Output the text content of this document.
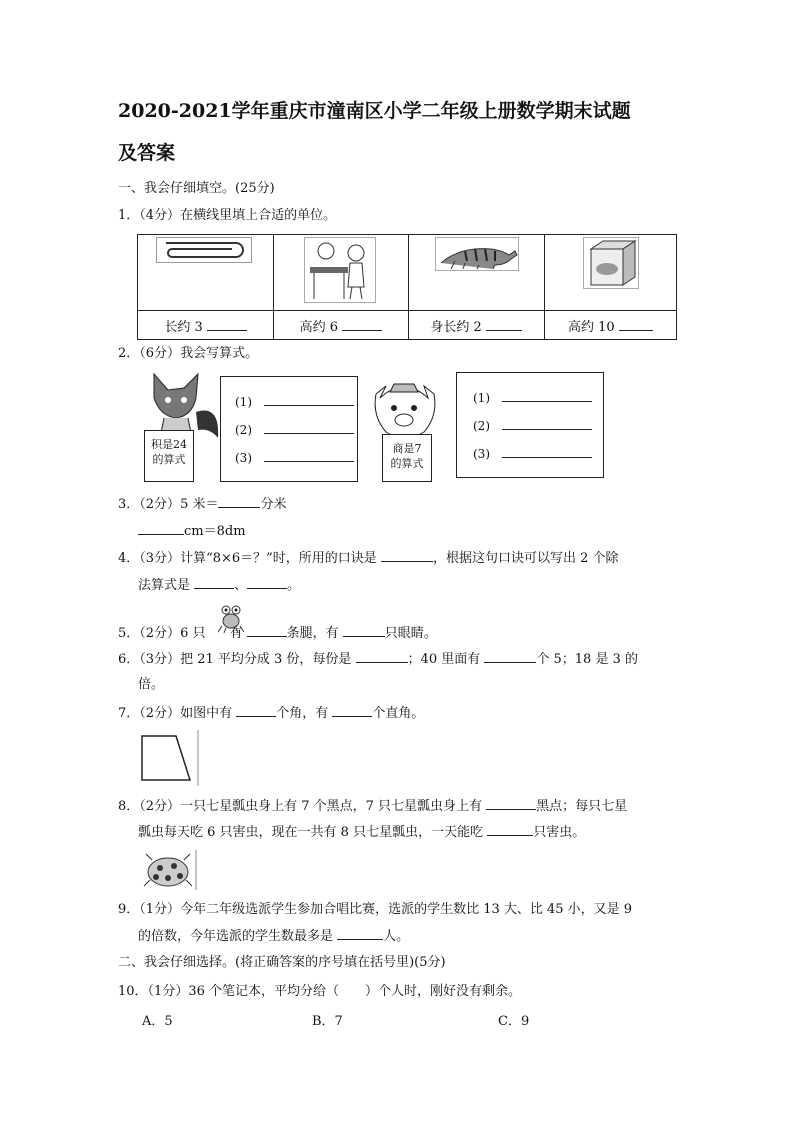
2020-2021学年重庆市潼南区小学二年级上册数学期末试题
及答案
一、我会仔细填空。(25分)
1．（4分）在横线里填上合适的单位。

长约 3	高约 6	身长约 2	高约 10
2．（6分）我会写算式。
积是24
的算式
(1)
(2)
(3)
商是7
的算式
(1)
(2)
(3)
3．（2分）5 米＝	分米
cm＝8dm
4．（3分）计算“8×6＝？”时，所用的口诀是	，根据这句口诀可以写出 2 个除
法算式是	、	。
5．（2分）6 只 有	条腿，有	只眼睛。
6．（3分）把 21 平均分成 3 份，每份是	；40 里面有	个 5；18 是 3 的
倍。
7．（2分）如图中有	个角，有	个直角。
8．（2分）一只七星瓢虫身上有 7 个黑点，7 只七星瓢虫身上有	黑点；每只七星
瓢虫每天吃 6 只害虫，现在一共有 8 只七星瓢虫，一天能吃	只害虫。
9．（1分）今年二年级选派学生参加合唱比赛，选派的学生数比 13 大、比 45 小，又是 9
的倍数，今年选派的学生数最多是	人。
二、我会仔细选择。(将正确答案的序号填在括号里)(5分)
10．（1分）36 个笔记本，平均分给（　　）个人时，刚好没有剩余。
A．5	B．7	C．9
